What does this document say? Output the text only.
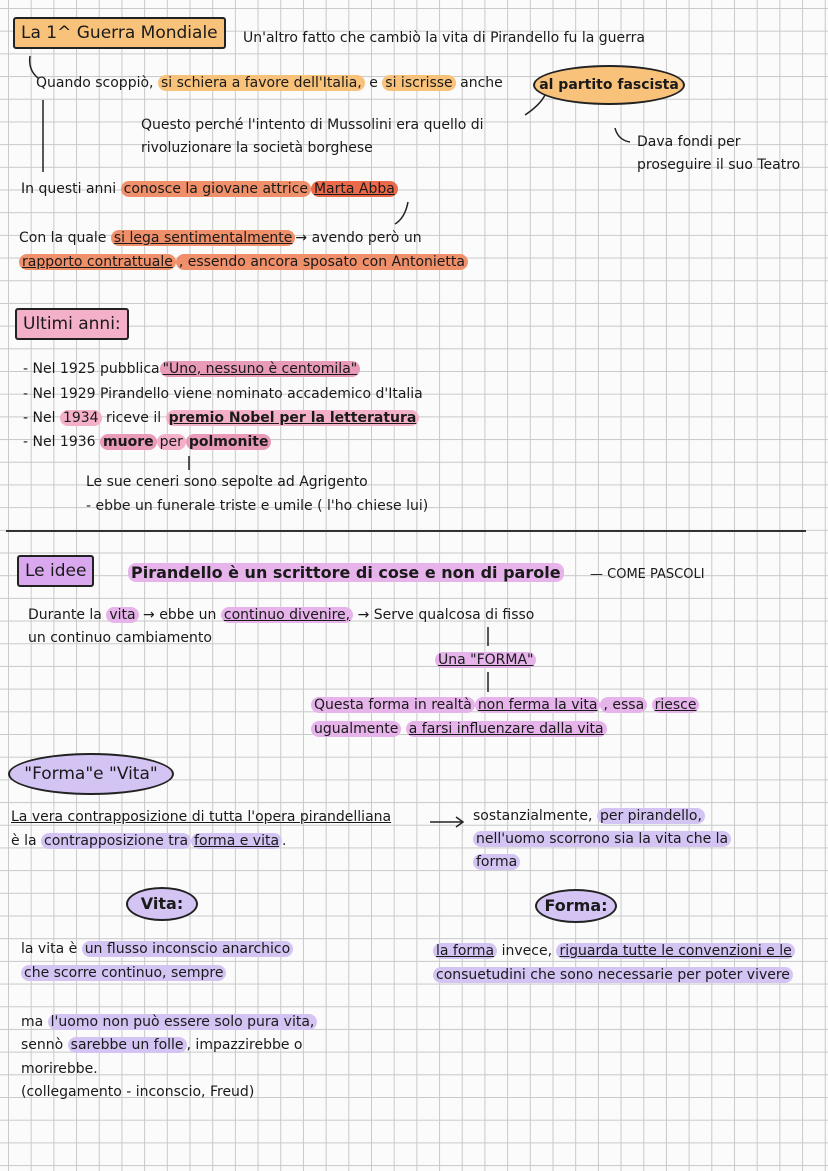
La 1^ Guerra Mondiale	Un'altro fatto che cambiò la vita di Pirandello fu la guerra
Quando scoppiò, si schiera a favore dell'Italia, e si iscrisse anche	al partito fascista
Questo perché l'intento di Mussolini era quello di
rivoluzionare la società borghese	Dava fondi per
proseguire il suo Teatro
In questi anni conosce la giovane attrice Marta Abba
Con la quale si lega sentimentalmente → avendo però un
rapporto contrattuale , essendo ancora sposato con Antonietta
Ultimi anni:
- Nel 1925 pubblica "Uno, nessuno è centomila"
- Nel 1929 Pirandello viene nominato accademico d'Italia
- Nel 1934 riceve il premio Nobel per la letteratura
- Nel 1936 muore per polmonite
Le sue ceneri sono sepolte ad Agrigento
- ebbe un funerale triste e umile ( l'ho chiese lui)
Le idee	Pirandello è un scrittore di cose e non di parole — COME PASCOLI
Durante la vita → ebbe un continuo divenire, → Serve qualcosa di fisso
un continuo cambiamento
Una "FORMA"
Questa forma in realtà non ferma la vita , essa riesce
ugualmente a farsi influenzare dalla vita
"Forma"e "Vita"
La vera contrapposizione di tutta l'opera pirandelliana
è la contrapposizione tra forma e vita .
sostanzialmente, per pirandello,
nell'uomo scorrono sia la vita che la
forma
Vita:	Forma:
la vita è un flusso inconscio anarchico
che scorre continuo, sempre
la forma invece, riguarda tutte le convenzioni e le
consuetudini che sono necessarie per poter vivere
ma l'uomo non può essere solo pura vita,
sennò sarebbe un folle , impazzirebbe o
morirebbe.
(collegamento - inconscio, Freud)
